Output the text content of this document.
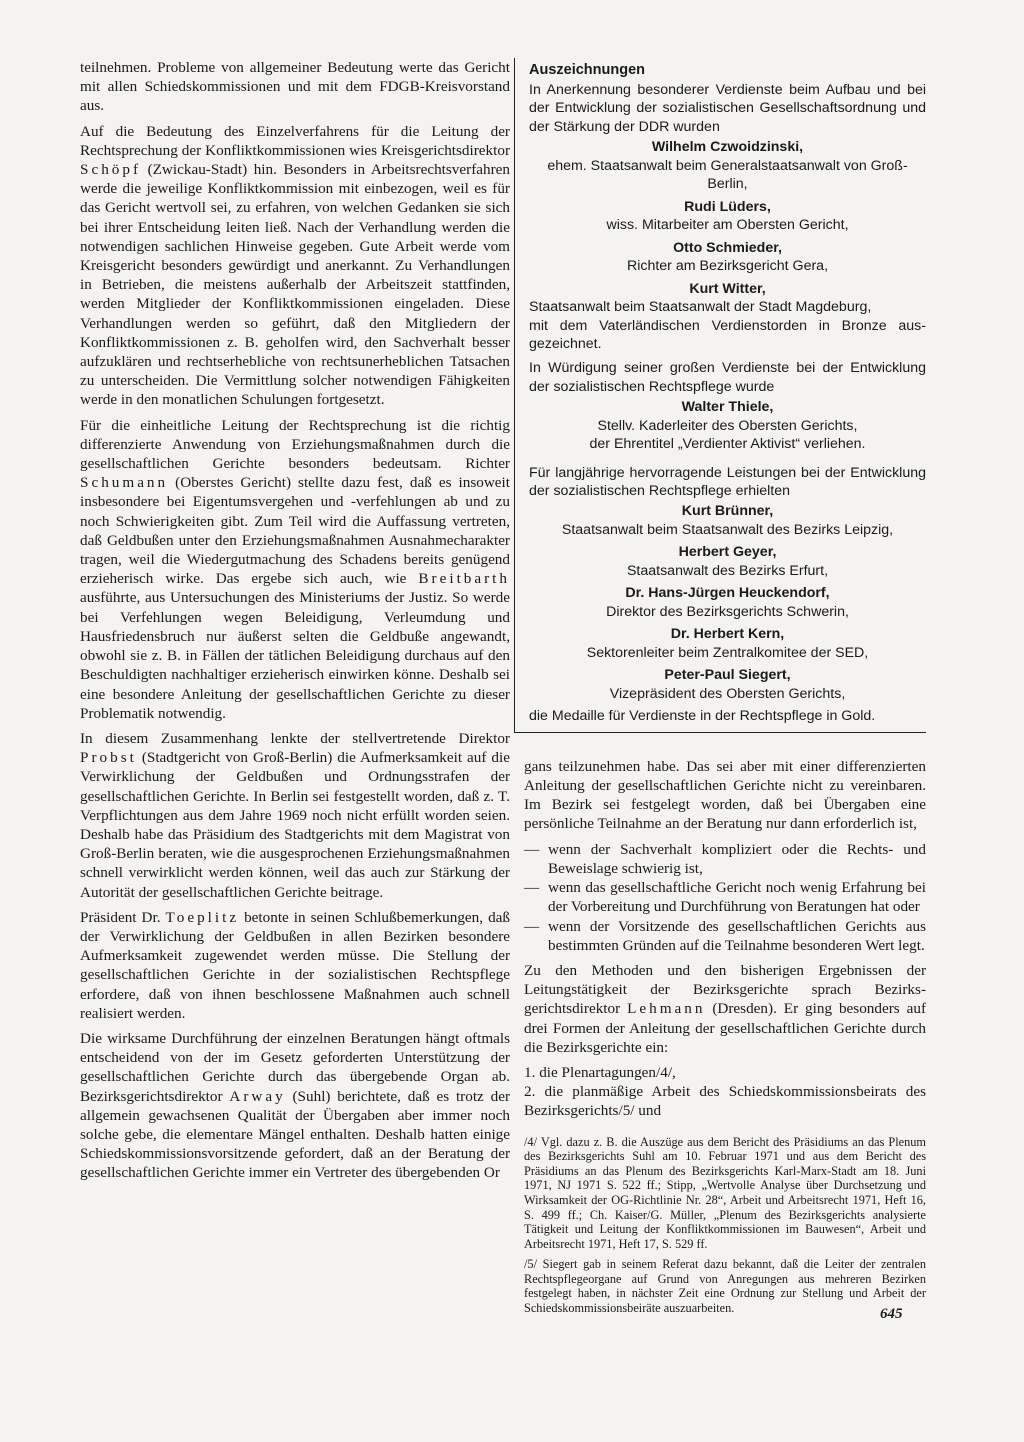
teilnehmen. Probleme von allgemeiner Bedeutung werte das Gericht mit allen Schiedskommissionen und mit dem FDGB-Kreisvorstand aus.

Auf die Bedeutung des Einzelverfahrens für die Leitung der Rechtsprechung der Konfliktkommissionen wies Kreisgerichtsdirektor Schöpf (Zwickau-Stadt) hin. Besonders in Arbeitsrechtsverfahren werde die jeweilige Konfliktkommission mit einbezogen, weil es für das Gericht wertvoll sei, zu erfahren, von welchen Gedanken sie sich bei ihrer Entscheidung leiten ließ. Nach der Verhandlung werden die notwendigen sachlichen Hinweise gegeben. Gute Arbeit werde vom Kreisgericht besonders gewürdigt und anerkannt. Zu Verhandlungen in Betrieben, die meistens außerhalb der Arbeitszeit stattfinden, werden Mitglieder der Konfliktkommissionen eingeladen. Diese Verhandlungen werden so geführt, daß den Mitgliedern der Konfliktkommissionen z. B. geholfen wird, den Sachverhalt besser aufzuklären und rechtserhebliche von rechtsunerheblichen Tatsachen zu unterscheiden. Die Vermittlung solcher notwendigen Fähigkeiten werde in den monatlichen Schulungen fortgesetzt.

Für die einheitliche Leitung der Rechtsprechung ist die richtig differenzierte Anwendung von Erziehungsmaßnahmen durch die gesellschaftlichen Gerichte besonders bedeutsam. Richter Schumann (Oberstes Gericht) stellte dazu fest, daß es insoweit insbesondere bei Eigentumsvergehen und -verfehlungen ab und zu noch Schwierigkeiten gibt. Zum Teil wird die Auffassung vertreten, daß Geldbußen unter den Erziehungsmaßnahmen Ausnahmecharakter tragen, weil die Wiedergutmachung des Schadens bereits genügend erzieherisch wirke. Das ergebe sich auch, wie Breitbarth ausführte, aus Untersuchungen des Ministeriums der Justiz. So werde bei Verfehlungen wegen Beleidigung, Verleumdung und Hausfriedensbruch nur äußerst selten die Geldbuße angewandt, obwohl sie z. B. in Fällen der tätlichen Beleidigung durchaus auf den Beschuldigten nachhaltiger erzieherisch einwirken könne. Deshalb sei eine besondere Anleitung der gesellschaftlichen Gerichte zu dieser Problematik notwendig.

In diesem Zusammenhang lenkte der stellvertretende Direktor Probst (Stadtgericht von Groß-Berlin) die Aufmerksamkeit auf die Verwirklichung der Geldbußen und Ordnungsstrafen der gesellschaftlichen Gerichte. In Berlin sei festgestellt worden, daß z. T. Verpflichtungen aus dem Jahre 1969 noch nicht erfüllt worden seien. Deshalb habe das Präsidium des Stadtgerichts mit dem Magistrat von Groß-Berlin beraten, wie die ausgesprochenen Erziehungsmaßnahmen schnell verwirklicht werden können, weil das auch zur Stärkung der Autorität der gesellschaftlichen Gerichte beitrage.

Präsident Dr. Toeplitz betonte in seinen Schlußbemerkungen, daß der Verwirklichung der Geldbußen in allen Bezirken besondere Aufmerksamkeit zugewendet werden müsse. Die Stellung der gesellschaftlichen Gerichte in der sozialistischen Rechtspflege erfordere, daß von ihnen beschlossene Maßnahmen auch schnell realisiert werden.

Die wirksame Durchführung der einzelnen Beratungen hängt oftmals entscheidend von der im Gesetz geforderten Unterstützung der gesellschaftlichen Gerichte durch das übergebende Organ ab. Bezirksgerichtsdirektor Arway (Suhl) berichtete, daß es trotz der allgemein gewachsenen Qualität der Übergaben aber immer noch solche gebe, die elementare Mängel enthalten. Deshalb hatten einige Schiedskommissionsvorsitzende gefordert, daß an der Beratung der gesellschaftlichen Gerichte immer ein Vertreter des übergebenden Or

Auszeichnungen

In Anerkennung besonderer Verdienste beim Aufbau und bei der Entwicklung der sozialistischen Gesellschaftsordnung und der Stärkung der DDR wurden

Wilhelm Czwoidzinski,

ehem. Staatsanwalt beim Generalstaatsanwalt von Groß-Berlin,

Rudi Lüders,

wiss. Mitarbeiter am Obersten Gericht,

Otto Schmieder,

Richter am Bezirksgericht Gera,

Kurt Witter,

Staatsanwalt beim Staatsanwalt der Stadt Magdeburg,

mit dem Vaterländischen Verdienstorden in Bronze ausgezeichnet.

In Würdigung seiner großen Verdienste bei der Entwicklung der sozialistischen Rechtspflege wurde

Walter Thiele,

Stellv. Kaderleiter des Obersten Gerichts,

der Ehrentitel „Verdienter Aktivist“ verliehen.

Für langjährige hervorragende Leistungen bei der Entwicklung der sozialistischen Rechtspflege erhielten

Kurt Brünner,

Staatsanwalt beim Staatsanwalt des Bezirks Leipzig,

Herbert Geyer,

Staatsanwalt des Bezirks Erfurt,

Dr. Hans-Jürgen Heuckendorf,

Direktor des Bezirksgerichts Schwerin,

Dr. Herbert Kern,

Sektorenleiter beim Zentralkomitee der SED,

Peter-Paul Siegert,

Vizepräsident des Obersten Gerichts,

die Medaille für Verdienste in der Rechtspflege in Gold.

gans teilzunehmen habe. Das sei aber mit einer differenzierten Anleitung der gesellschaftlichen Gerichte nicht zu vereinbaren. Im Bezirk sei festgelegt worden, daß bei Übergaben eine persönliche Teilnahme an der Beratung nur dann erforderlich ist,

— wenn der Sachverhalt kompliziert oder die Rechts- und Beweislage schwierig ist,
— wenn das gesellschaftliche Gericht noch wenig Erfahrung bei der Vorbereitung und Durchführung von Beratungen hat oder
— wenn der Vorsitzende des gesellschaftlichen Gerichts aus bestimmten Gründen auf die Teilnahme besonderen Wert legt.

Zu den Methoden und den bisherigen Ergebnissen der Leitungstätigkeit der Bezirksgerichte sprach Bezirksgerichtsdirektor Lehmann (Dresden). Er ging besonders auf drei Formen der Anleitung der gesellschaftlichen Gerichte durch die Bezirksgerichte ein:

1. die Plenartagungen/4/,

2. die planmäßige Arbeit des Schiedskommissionsbeirats des Bezirksgerichts/5/ und

/4/ Vgl. dazu z. B. die Auszüge aus dem Bericht des Präsidiums an das Plenum des Bezirksgerichts Suhl am 10. Februar 1971 und aus dem Bericht des Präsidiums an das Plenum des Bezirksgerichts Karl-Marx-Stadt am 18. Juni 1971, NJ 1971 S. 522 ff.; Stipp, „Wertvolle Analyse über Durchsetzung und Wirksamkeit der OG-Richtlinie Nr. 28“, Arbeit und Arbeitsrecht 1971, Heft 16, S. 499 ff.; Ch. Kaiser/G. Müller, „Plenum des Bezirksgerichts analysierte Tätigkeit und Leitung der Konfliktkommissionen im Bauwesen“, Arbeit und Arbeitsrecht 1971, Heft 17, S. 529 ff.

/5/ Siegert gab in seinem Referat dazu bekannt, daß die Leiter der zentralen Rechtspflegeorgane auf Grund von Anregungen aus mehreren Bezirken festgelegt haben, in nächster Zeit eine Ordnung zur Stellung und Arbeit der Schiedskommissionsbeiräte auszuarbeiten.	645
